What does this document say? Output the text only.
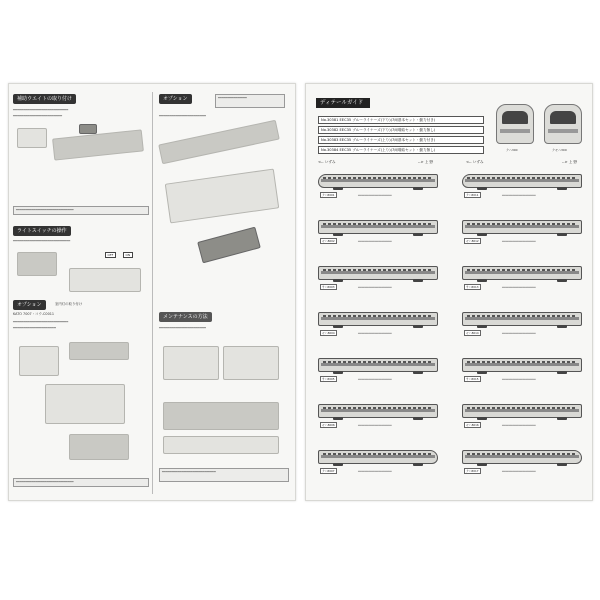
補助ウエイトの取り付け
━━━━━━━━━━━━━━━━━━━━━━━━━━━
━━━━━━━━━━━━━━━━━━━━━━━━
━━━━━━━━━━━━━━━━━━━━━━━━━━━━━━
ライトスイッチの操作
━━━━━━━━━━━━━━━━━━━━━━━━━━━━
OFF	ON
オプション	室内灯の取り付け
KATO 7007・コウ-C0011
━━━━━━━━━━━━━━━━━━━━━━━━━━━
━━━━━━━━━━━━━━━━━━━━━
━━━━━━━━━━━━━━━━━━━━━━━━━━━━━━
オプション	━━━━━━━━━━━━━━━
━━━━━━━━━━━━━━━━━━━━━━━
メンテナンスの方法
━━━━━━━━━━━━━━━━━━━━━━━
━━━━━━━━━━━━━━━━━━━━━━━━━━━━
ディテールガイド
No.30381 EEC35 ブルーライナーズ(下り)(7両基本セット・動力付き)
No.30382 EEC35 ブルーライナーズ(下り)(7両増結セット・動力無し)
No.30383 EEC35 ブルーライナーズ(上り)(7両基本セット・動力付き)
No.30384 EEC35 ブルーライナーズ(上り)(7両増結セット・動力無し)	クハ300	クモハ300
<-- いずみ	--> 上 野	<-- いずみ	--> 上 野
クハ8001	━━━━━━━━━━━━━━━━━━━━
モハ8002	━━━━━━━━━━━━━━━━━━━━
サハ8003	━━━━━━━━━━━━━━━━━━━━
モハ8004	━━━━━━━━━━━━━━━━━━━━
サハ8005	━━━━━━━━━━━━━━━━━━━━
モハ8006	━━━━━━━━━━━━━━━━━━━━
クハ8007	━━━━━━━━━━━━━━━━━━━━
クハ8011	━━━━━━━━━━━━━━━━━━━━
モハ8012	━━━━━━━━━━━━━━━━━━━━
サハ8013	━━━━━━━━━━━━━━━━━━━━
モハ8014	━━━━━━━━━━━━━━━━━━━━
サハ8015	━━━━━━━━━━━━━━━━━━━━
モハ8016	━━━━━━━━━━━━━━━━━━━━
クハ8017	━━━━━━━━━━━━━━━━━━━━
